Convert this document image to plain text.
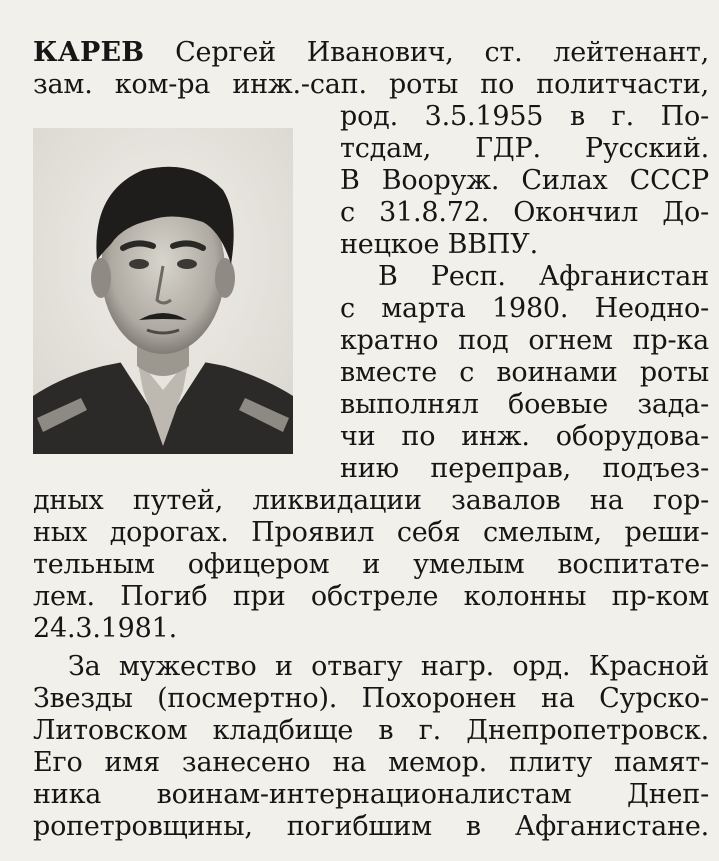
КАРЕВ Сергей Иванович, ст. лейтенант,
зам. ком-ра инж.-сап. роты по политчасти,
род. 3.5.1955 в г. По-
тсдам, ГДР. Русский.
В Вооруж. Силах СССР
с 31.8.72. Окончил До-
нецкое ВВПУ.
В Респ. Афганистан
с марта 1980. Неодно-
кратно под огнем пр-ка
вместе с воинами роты
выполнял боевые зада-
чи по инж. оборудова-
нию переправ, подъез-
дных путей, ликвидации завалов на гор-
ных дорогах. Проявил себя смелым, реши-
тельным офицером и умелым воспитате-
лем. Погиб при обстреле колонны пр-ком
24.3.1981.
За мужество и отвагу нагр. орд. Красной
Звезды (посмертно). Похоронен на Сурско-
Литовском кладбище в г. Днепропетровск.
Его имя занесено на мемор. плиту памят-
ника воинам-интернационалистам Днеп-
ропетровщины, погибшим в Афганистане.
